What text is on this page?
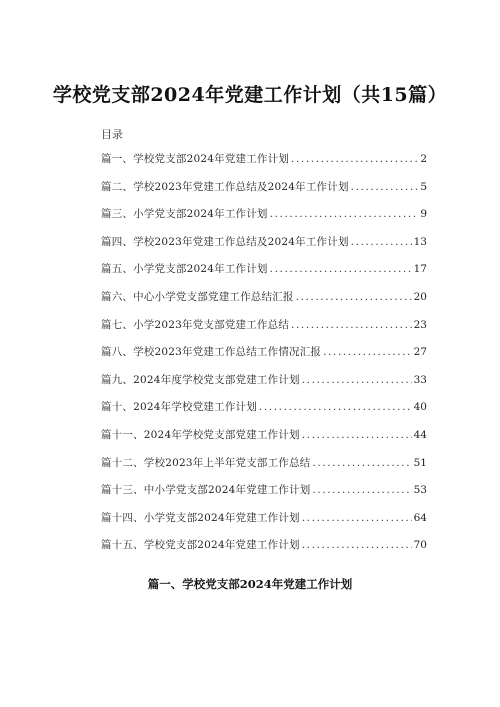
学校党支部2024年党建工作计划（共15篇）
目录
篇一、学校党支部2024年党建工作计划 .....	2
篇二、学校2023年党建工作总结及2024年工作计划 .....	5
篇三、小学党支部2024年工作计划 .....	9
篇四、学校2023年党建工作总结及2024年工作计划 .....	13
篇五、小学党支部2024年工作计划 .....	17
篇六、中心小学党支部党建工作总结汇报 .....	20
篇七、小学2023年党支部党建工作总结 .....	23
篇八、学校2023年党建工作总结工作情况汇报 .....	27
篇九、2024年度学校党支部党建工作计划 .....	33
篇十、2024年学校党建工作计划 .....	40
篇十一、2024年学校党支部党建工作计划 .....	44
篇十二、学校2023年上半年党支部工作总结 .....	51
篇十三、中小学党支部2024年党建工作计划 .....	53
篇十四、小学党支部2024年党建工作计划 .....	64
篇十五、学校党支部2024年党建工作计划 .....	70
篇一、学校党支部2024年党建工作计划
